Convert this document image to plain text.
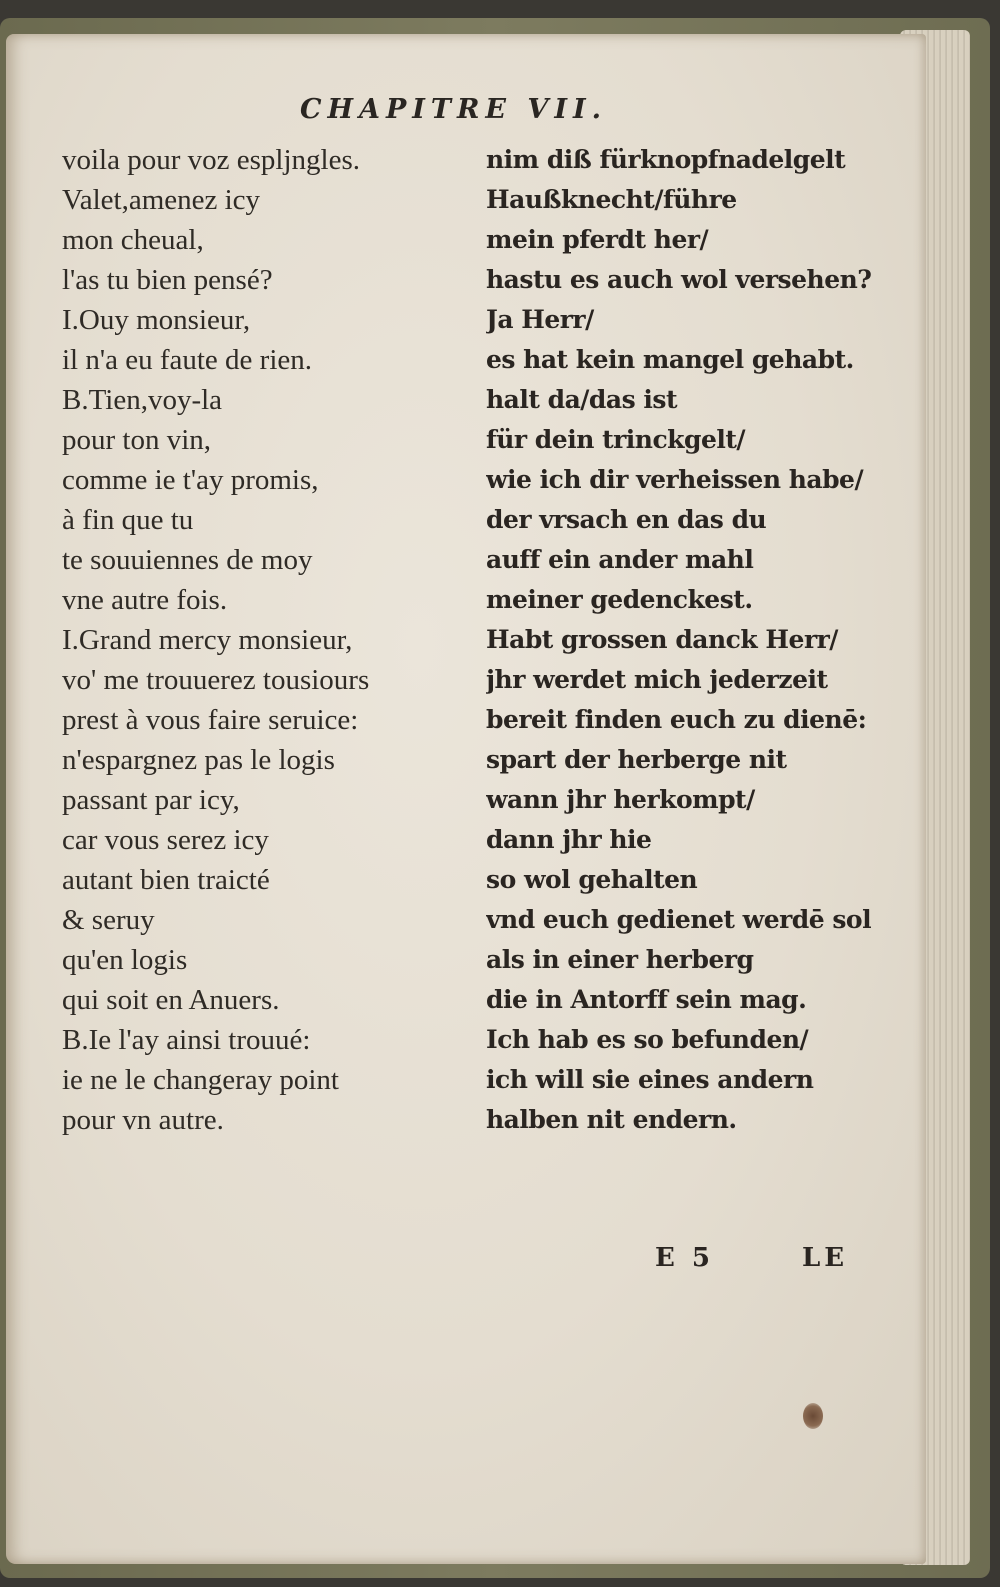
CHAPITRE VII.
voila pour voz espljngles.
Valet,amenez icy
mon cheual,
l'as tu bien pensé?
I.Ouy monsieur,
il n'a eu faute de rien.
B.Tien,voy-la
pour ton vin,
comme ie t'ay promis,
à fin que tu
te souuiennes de moy
vne autre fois.
I.Grand mercy monsieur,
vo' me trouuerez tousiours
prest à vous faire seruice:
n'espargnez pas le logis
passant par icy,
car vous serez icy
autant bien traicté
& seruy
qu'en logis
qui soit en Anuers.
B.Ie l'ay ainsi trouué:
ie ne le changeray point
pour vn autre.
nim diß fürknopfnadelgelt
Haußknecht/führe
mein pferdt her/
hastu es auch wol versehen?
Ja Herr/
es hat kein mangel gehabt.
halt da/das ist
für dein trinckgelt/
wie ich dir verheissen habe/
der vrsach en das du
auff ein ander mahl
meiner gedenckest.
Habt grossen danck Herr/
jhr werdet mich jederzeit
bereit finden euch zu dienē:
spart der herberge nit
wann jhr herkompt/
dann jhr hie
so wol gehalten
vnd euch gedienet werdē sol
als in einer herberg
die in Antorff sein mag.
Ich hab es so befunden/
ich will sie eines andern
halben nit endern.
E 5	LE
